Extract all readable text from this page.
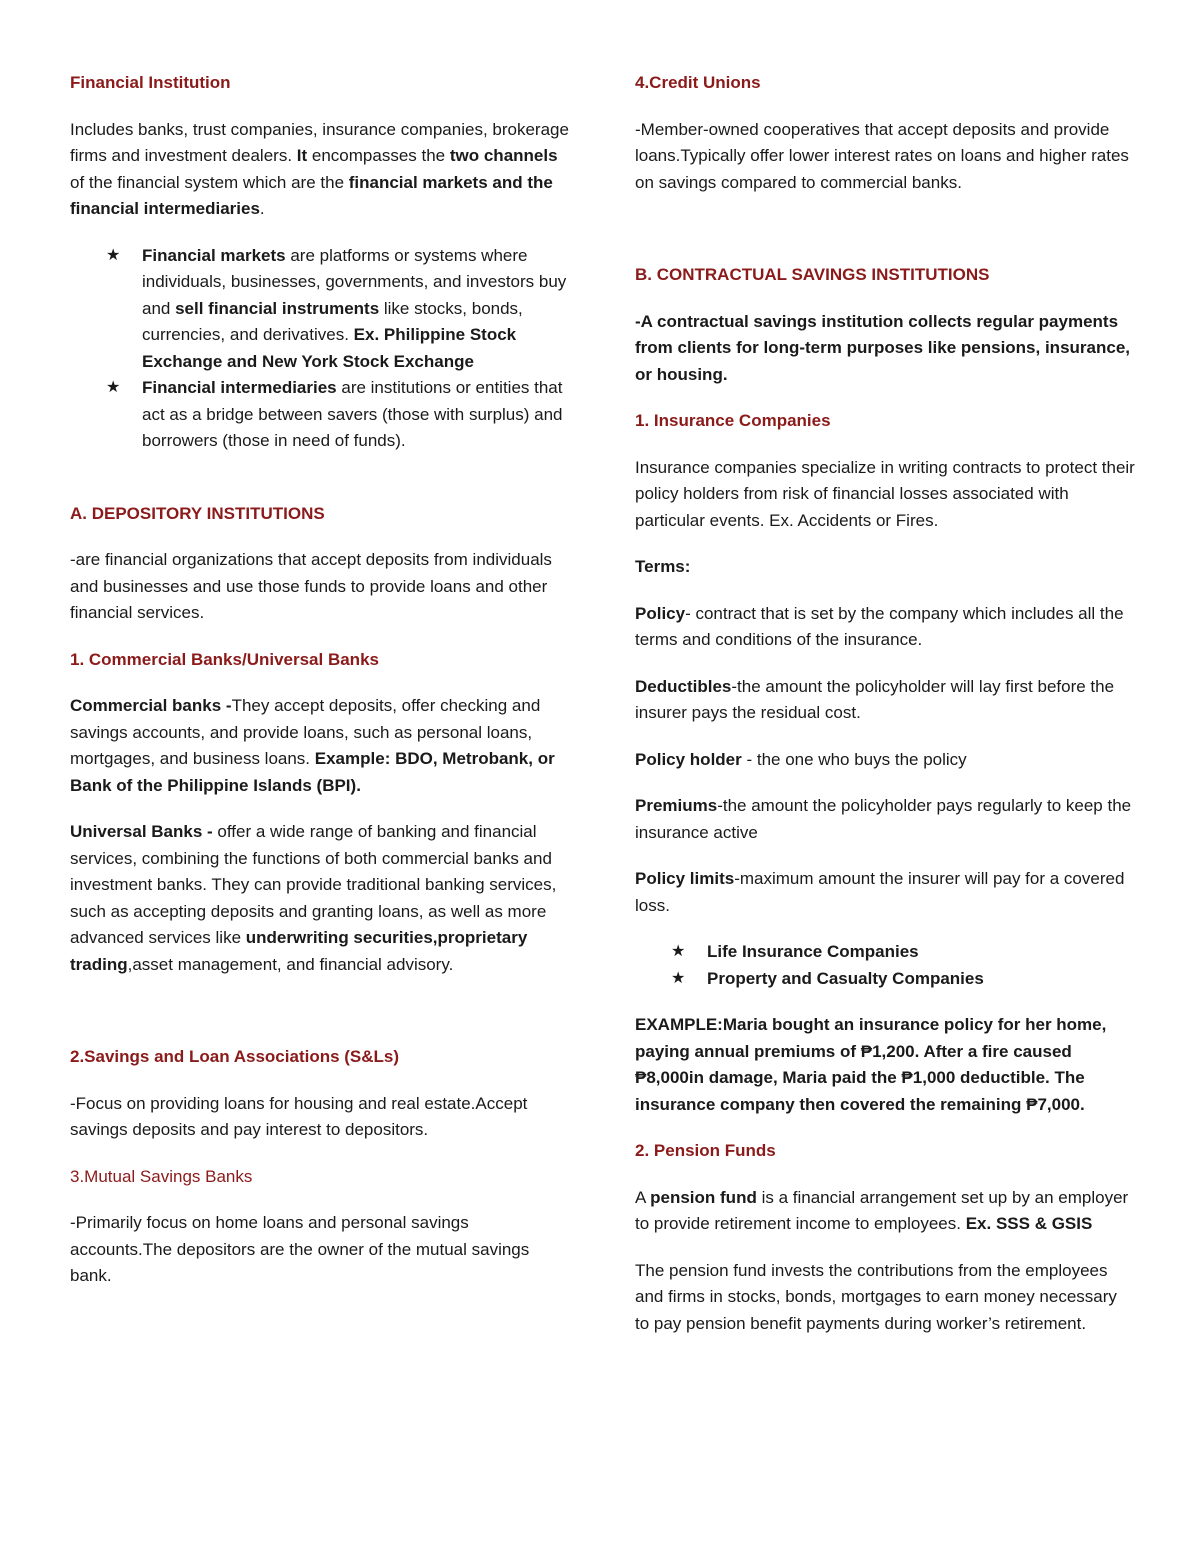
Financial Institution

Includes banks, trust companies, insurance companies, brokerage firms and investment dealers. It encompasses the two channels of the financial system which are the financial markets and the financial intermediaries.

★ Financial markets are platforms or systems where individuals, businesses, governments, and investors buy and sell financial instruments like stocks, bonds, currencies, and derivatives. Ex. Philippine Stock Exchange and New York Stock Exchange
★ Financial intermediaries are institutions or entities that act as a bridge between savers (those with surplus) and borrowers (those in need of funds).

A. DEPOSITORY INSTITUTIONS

-are financial organizations that accept deposits from individuals and businesses and use those funds to provide loans and other financial services.

1. Commercial Banks/Universal Banks

Commercial banks -They accept deposits, offer checking and savings accounts, and provide loans, such as personal loans, mortgages, and business loans. Example: BDO, Metrobank, or Bank of the Philippine Islands (BPI).

Universal Banks - offer a wide range of banking and financial services, combining the functions of both commercial banks and investment banks. They can provide traditional banking services, such as accepting deposits and granting loans, as well as more advanced services like underwriting securities,proprietary trading,asset management, and financial advisory.

2.Savings and Loan Associations (S&Ls)

-Focus on providing loans for housing and real estate.Accept savings deposits and pay interest to depositors.

3.Mutual Savings Banks

-Primarily focus on home loans and personal savings accounts.The depositors are the owner of the mutual savings bank.

4.Credit Unions

-Member-owned cooperatives that accept deposits and provide loans.Typically offer lower interest rates on loans and higher rates on savings compared to commercial banks.

B. CONTRACTUAL SAVINGS INSTITUTIONS

-A contractual savings institution collects regular payments from clients for long-term purposes like pensions, insurance, or housing.

1. Insurance Companies

Insurance companies specialize in writing contracts to protect their policy holders from risk of financial losses associated with particular events. Ex. Accidents or Fires.

Terms:

Policy- contract that is set by the company which includes all the terms and conditions of the insurance.

Deductibles-the amount the policyholder will lay first before the insurer pays the residual cost.

Policy holder - the one who buys the policy

Premiums-the amount the policyholder pays regularly to keep the insurance active

Policy limits-maximum amount the insurer will pay for a covered loss.

★ Life Insurance Companies
★ Property and Casualty Companies

EXAMPLE:Maria bought an insurance policy for her home, paying annual premiums of ₱1,200. After a fire caused ₱8,000in damage, Maria paid the ₱1,000 deductible. The insurance company then covered the remaining ₱7,000.

2. Pension Funds

A pension fund is a financial arrangement set up by an employer to provide retirement income to employees. Ex. SSS & GSIS

The pension fund invests the contributions from the employees and firms in stocks, bonds, mortgages to earn money necessary to pay pension benefit payments during worker’s retirement.
